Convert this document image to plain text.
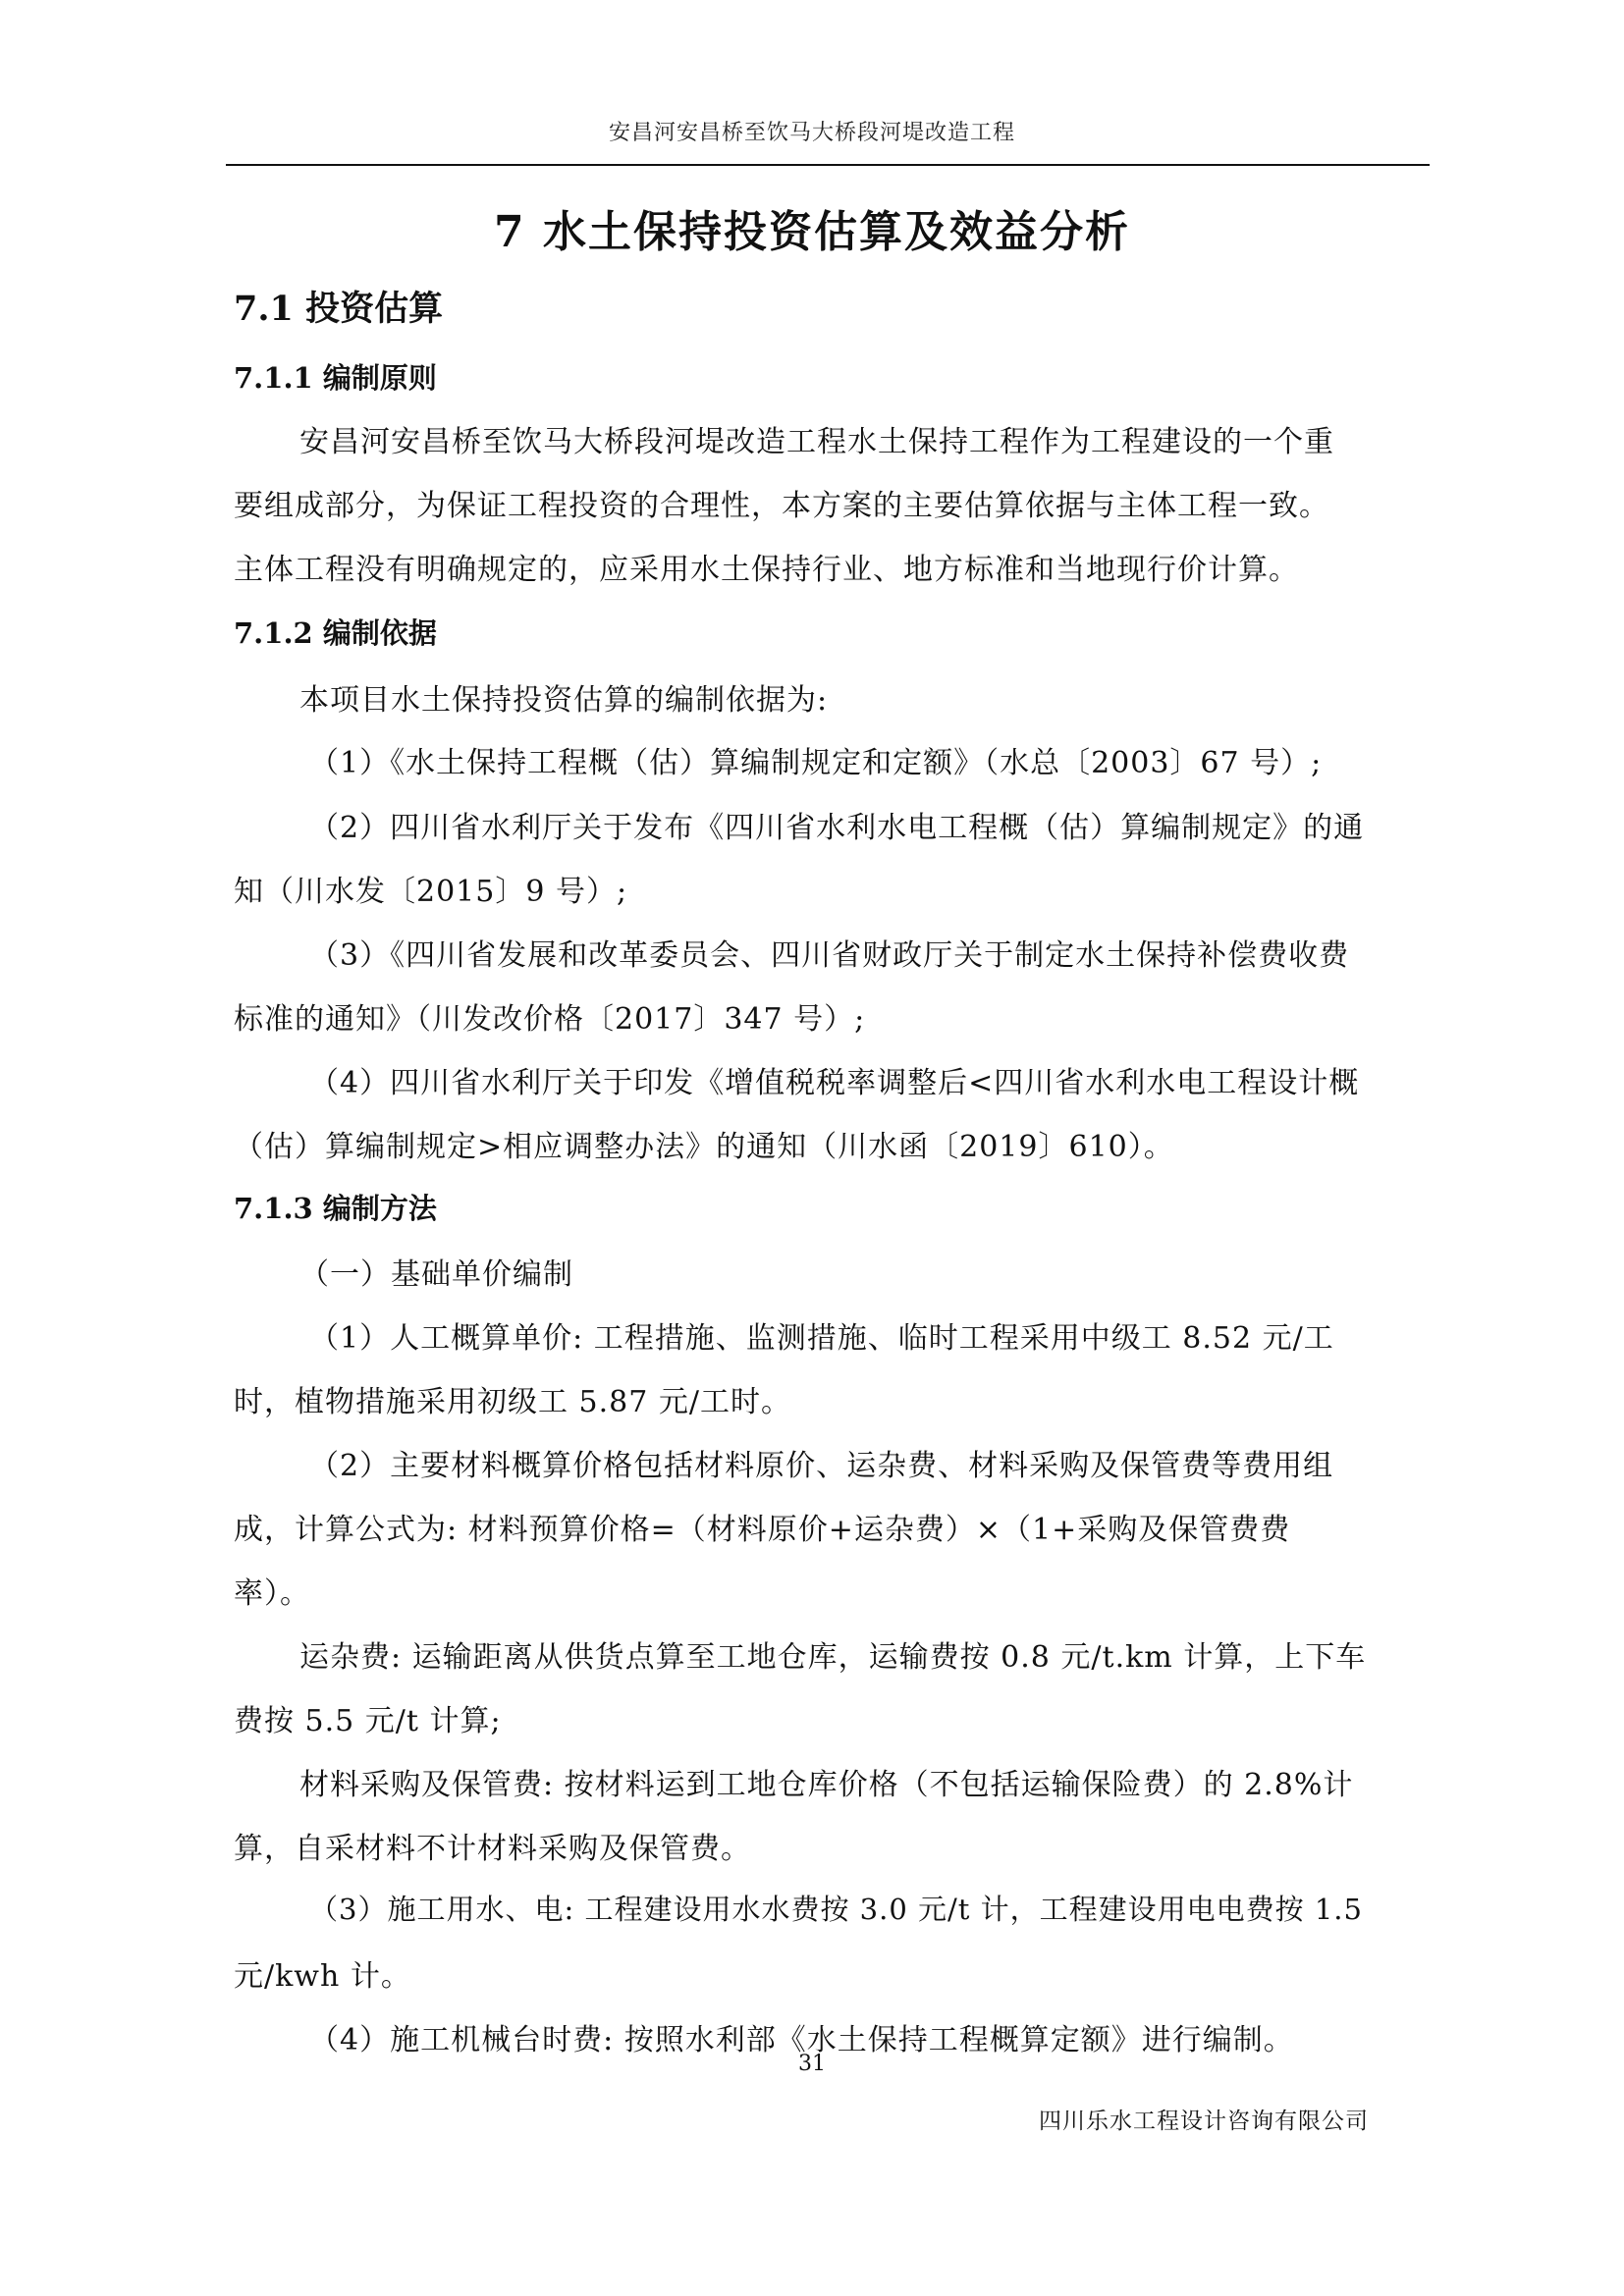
安昌河安昌桥至饮马大桥段河堤改造工程
7 水土保持投资估算及效益分析
7.1 投资估算
7.1.1 编制原则
安昌河安昌桥至饮马大桥段河堤改造工程水土保持工程作为工程建设的一个重
要组成部分，为保证工程投资的合理性，本方案的主要估算依据与主体工程一致。
主体工程没有明确规定的，应采用水土保持行业、地方标准和当地现行价计算。
7.1.2 编制依据
本项目水土保持投资估算的编制依据为:
（1）《水土保持工程概（估）算编制规定和定额》（水总〔2003〕67 号）;
（2）四川省水利厅关于发布《四川省水利水电工程概（估）算编制规定》的通
知（川水发〔2015〕9 号）;
（3）《四川省发展和改革委员会、四川省财政厅关于制定水土保持补偿费收费
标准的通知》（川发改价格〔2017〕347 号）;
（4）四川省水利厅关于印发《增值税税率调整后<四川省水利水电工程设计概
（估）算编制规定>相应调整办法》的通知（川水函〔2019〕610）。
7.1.3 编制方法
（一）基础单价编制
（1）人工概算单价: 工程措施、监测措施、临时工程采用中级工 8.52 元/工
时，植物措施采用初级工 5.87 元/工时。
（2）主要材料概算价格包括材料原价、运杂费、材料采购及保管费等费用组
成，计算公式为: 材料预算价格=（材料原价+运杂费）×（1+采购及保管费费
率）。
运杂费: 运输距离从供货点算至工地仓库，运输费按 0.8 元/t.km 计算，上下车
费按 5.5 元/t 计算;
材料采购及保管费: 按材料运到工地仓库价格（不包括运输保险费）的 2.8%计
算，自采材料不计材料采购及保管费。
（3）施工用水、电: 工程建设用水水费按 3.0 元/t 计，工程建设用电电费按 1.5
元/kwh 计。
（4）施工机械台时费: 按照水利部《水土保持工程概算定额》进行编制。
31
四川乐水工程设计咨询有限公司
